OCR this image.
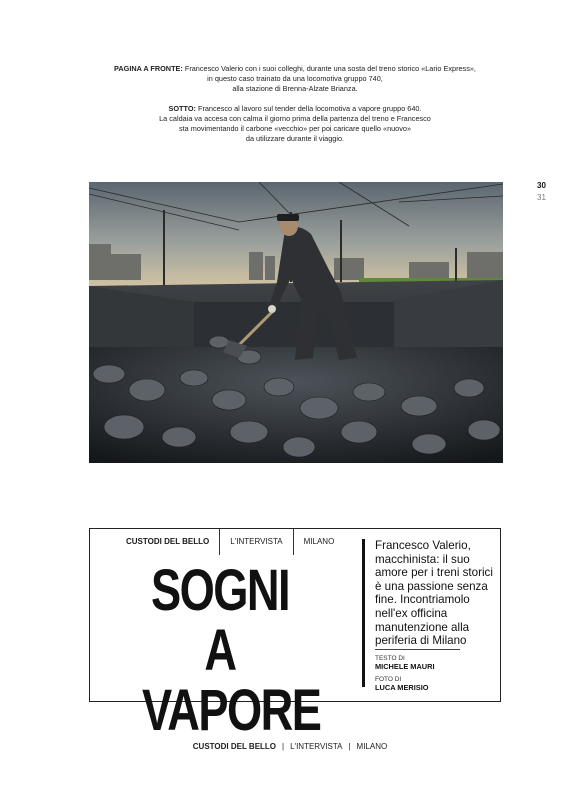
PAGINA A FRONTE: Francesco Valerio con i suoi colleghi, durante una sosta del treno storico «Lario Express»,
in questo caso trainato da una locomotiva gruppo 740,
alla stazione di Brenna-Alzate Brianza.

SOTTO: Francesco al lavoro sul tender della locomotiva a vapore gruppo 640.
La caldaia va accesa con calma il giorno prima della partenza del treno e Francesco
sta movimentando il carbone «vecchio» per poi caricare quello «nuovo»
da utilizzare durante il viaggio.

30
31
CUSTODI DEL BELLO	L'INTERVISTA	MILANO
SOGNI
A VAPORE
Francesco Valerio, macchinista: il suo amore per i treni storici è una passione senza fine. Incontriamolo nell'ex officina manutenzione alla periferia di Milano
TESTO DI
MICHELE MAURI
FOTO DI
LUCA MERISIO
CUSTODI DEL BELLO | L'INTERVISTA | MILANO
